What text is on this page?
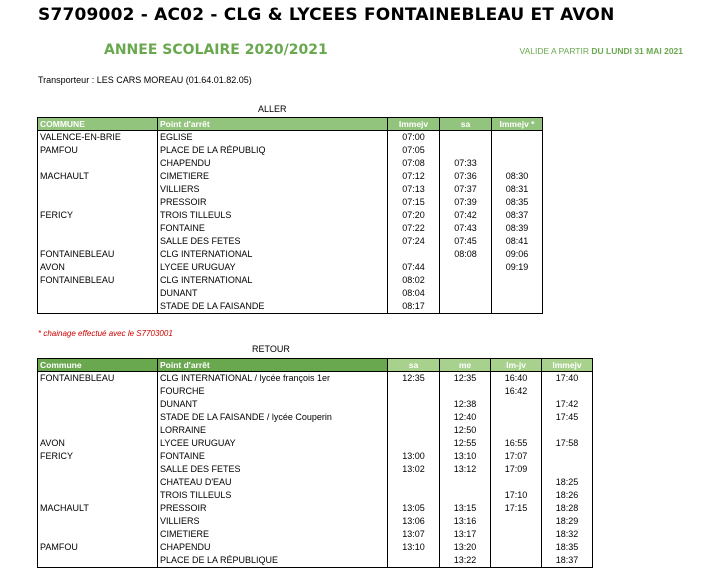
S7709002 - AC02 - CLG & LYCEES FONTAINEBLEAU ET AVON
ANNEE SCOLAIRE 2020/2021	VALIDE A PARTIR DU LUNDI 31 MAI 2021
Transporteur : LES CARS MOREAU (01.64.01.82.05)
ALLER
COMMUNE	Point d'arrêt	Immejv	sa	Immejv *
VALENCE-EN-BRIE	EGLISE	07:00		
PAMFOU	PLACE DE LA RÉPUBLIQ	07:05		
	CHAPENDU	07:08	07:33	
MACHAULT	CIMETIERE	07:12	07:36	08:30
	VILLIERS	07:13	07:37	08:31
	PRESSOIR	07:15	07:39	08:35
FERICY	TROIS TILLEULS	07:20	07:42	08:37
	FONTAINE	07:22	07:43	08:39
	SALLE DES FETES	07:24	07:45	08:41
FONTAINEBLEAU	CLG INTERNATIONAL		08:08	09:06
AVON	LYCEE URUGUAY	07:44		09:19
FONTAINEBLEAU	CLG INTERNATIONAL	08:02		
	DUNANT	08:04		
	STADE DE LA FAISANDE	08:17		
* chainage effectué avec le S7703001
RETOUR
Commune	Point d'arrêt	sa	me	lm-jv	lmmejv
FONTAINEBLEAU	CLG INTERNATIONAL / lycée françois 1er	12:35	12:35	16:40	17:40
	FOURCHE			16:42	
	DUNANT		12:38		17:42
	STADE DE LA FAISANDE / lycée Couperin		12:40		17:45
	LORRAINE		12:50		
AVON	LYCEE URUGUAY		12:55	16:55	17:58
FERICY	FONTAINE	13:00	13:10	17:07	
	SALLE DES FETES	13:02	13:12	17:09	
	CHATEAU D'EAU				18:25
	TROIS TILLEULS			17:10	18:26
MACHAULT	PRESSOIR	13:05	13:15	17:15	18:28
	VILLIERS	13:06	13:16		18:29
	CIMETIERE	13:07	13:17		18:32
PAMFOU	CHAPENDU	13:10	13:20		18:35
	PLACE DE LA RÉPUBLIQUE		13:22		18:37
